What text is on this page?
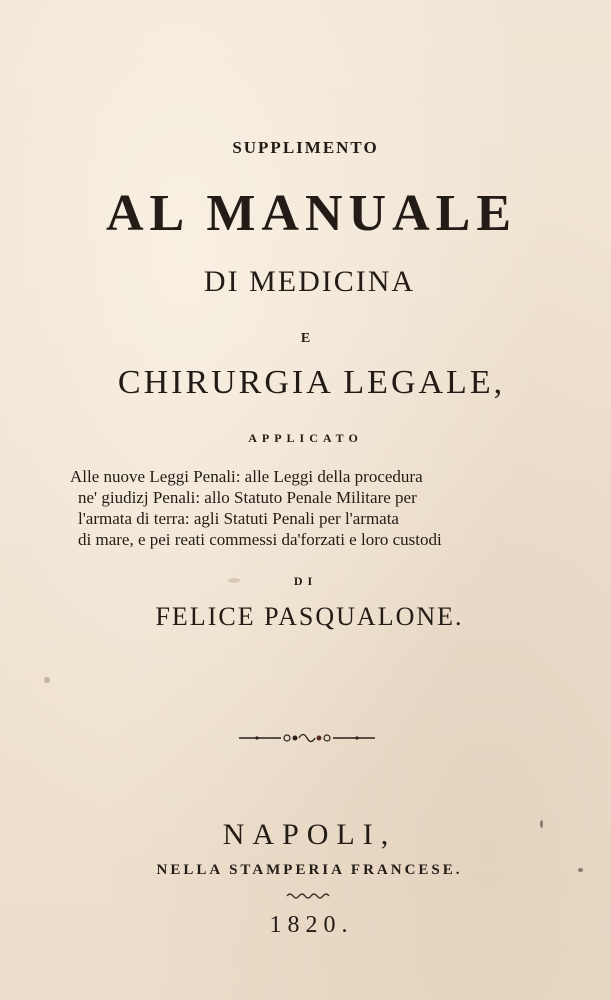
SUPPLIMENTO
AL MANUALE
DI MEDICINA
E
CHIRURGIA LEGALE,
APPLICATO
Alle nuove Leggi Penali: alle Leggi della procedura
ne' giudizj Penali: allo Statuto Penale Militare per
l'armata di terra: agli Statuti Penali per l'armata
di mare, e pei reati commessi da'forzati e loro custodi
DI
FELICE PASQUALONE.
NAPOLI,
NELLA STAMPERIA FRANCESE.
1820.
